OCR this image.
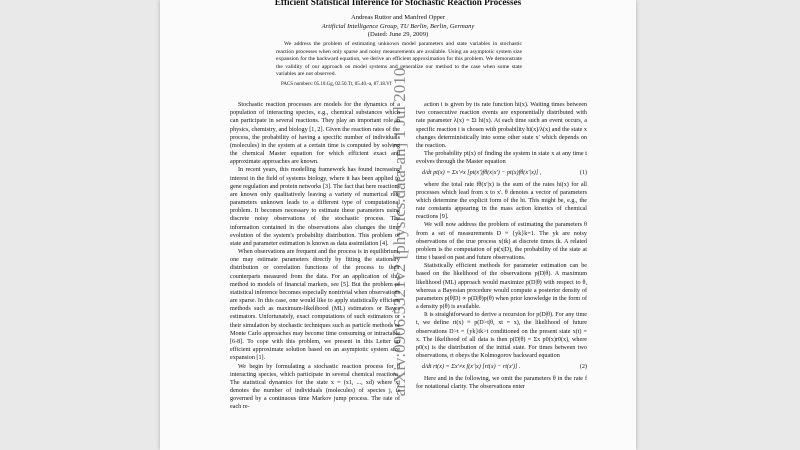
Efficient Statistical Inference for Stochastic Reaction Processes
Andreas Ruttor and Manfred Opper
Artificial Intelligence Group, TU Berlin, Berlin, Germany
(Dated: June 29, 2009)

We address the problem of estimating unknown model parameters and state variables in stochastic reaction processes when only sparse and noisy measurements are available. Using an asymptotic system size expansion for the backward equation, we derive an efficient approximation for this problem. We demonstrate the validity of our approach on model systems and generalize our method to the case when some state variables are not observed.

PACS numbers: 05.10.Gg, 02.50.Tt, 05.40.-a, 87.18.Vf
arXiv:0906.5321v2 [physics.data-an] 1 Jul 2010

Stochastic reaction processes are models for the dynamics of a population of interacting species, e.g., chemical substances which can participate in several reactions. They play an important role in physics, chemistry, and biology [1, 2]. Given the reaction rates of the process, the probability of having a specific number of individuals (molecules) in the system at a certain time is computed by solving the chemical Master equation for which efficient exact and approximate approaches are known.

In recent years, this modelling framework has found increasing interest in the field of systems biology, where it has been applied to gene regulation and protein networks [3]. The fact that here reactions are known only qualitatively leaving a variety of numerical rate parameters unknown leads to a different type of computational problem. It becomes necessary to estimate these parameters using discrete noisy observations of the stochastic process. The information contained in the observations also changes the time evolution of the system's probability distribution. This problem of state and parameter estimation is known as data assimilation [4].

When observations are frequent and the process is in equilibrium, one may estimate parameters directly by fitting the stationary distribution or correlation functions of the process to their counterparts measured from the data. For an application of this method to models of financial markets, see [5]. But the problem of statistical inference becomes especially nontrivial when observations are sparse. In this case, one would like to apply statistically efficient methods such as maximum-likelihood (ML) estimators or Bayes estimators. Unfortunately, exact computations of such estimators or their simulation by stochastic techniques such as particle methods or Monte Carlo approaches may become time consuming or intractable [6-8]. To cope with this problem, we present in this Letter an efficient approximate solution based on an asymptotic system size expansion [1].

We begin by formulating a stochastic reaction process for d interacting species, which participate in several chemical reactions. The statistical dynamics for the state x = (x1, ..., xd) where xj denotes the number of individuals (molecules) of species j, is governed by a continuous time Markov jump process. The rate of each re-

action i is given by its rate function hi(x). Waiting times between two consecutive reaction events are exponentially distributed with rate parameter λ(x) = Σi hi(x). At each time such an event occurs, a specific reaction i is chosen with probability hi(x)/λ(x) and the state x changes deterministically into some other state x' which depends on the reaction.

The probability pt(x) of finding the system in state x at any time t evolves through the Master equation

d/dt pt(x) = Σx'≠x [pt(x')fθ(x|x') − pt(x)fθ(x'|x)] ,	(1)

where the total rate fθ(x'|x) is the sum of the rates hi(x) for all processes which lead from x to x'. θ denotes a vector of parameters which determine the explicit form of the hi. This might be, e.g., the rate constants appearing in the mass action kinetics of chemical reactions [9].

We will now address the problem of estimating the parameters θ from a set of measurements D ≡ {yk}k=1. The yk are noisy observations of the true process x(tk) at discrete times tk. A related problem is the computation of pt(x|D), the probability of the state at time t based on past and future observations.

Statistically efficient methods for parameter estimation can be based on the likelihood of the observations p(D|θ). A maximum likelihood (ML) approach would maximize p(D|θ) with respect to θ, whereas a Bayesian procedure would compute a posterior density of parameters p(θ|D) ∝ p(D|θ)p(θ) when prior knowledge in the form of a density p(θ) is available.

It is straightforward to derive a recursion for p(D|θ). For any time t, we define rt(x) ≡ p(D>t|θ, xt = x), the likelihood of future observations D>t = {yk}tk>t conditioned on the present state x(t) = x. The likelihood of all data is then p(D|θ) = Σx p0(x)r0(x), where p0(x) is the distribution of the initial state. For times between two observations, rt obeys the Kolmogorov backward equation

d/dt rt(x) = Σx'≠x f(x'|x) [rt(x) − rt(x')] .	(2)

Here and in the following, we omit the parameters θ in the rate f for notational clarity. The observations enter
